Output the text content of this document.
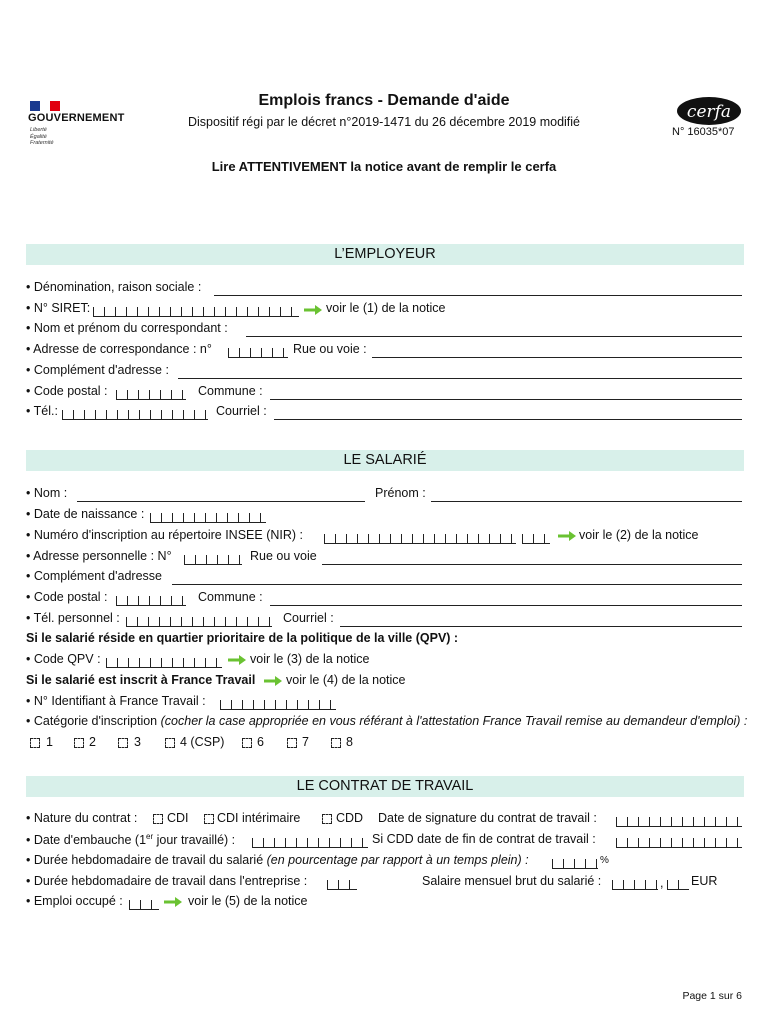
GOUVERNEMENT
Liberté
Égalité
Fraternité
Emplois francs - Demande d'aide
Dispositif régi par le décret n°2019-1471 du 26 décembre 2019 modifié	cerfa
N° 16035*07
Lire ATTENTIVEMENT la notice avant de remplir le cerfa
L’EMPLOYEUR
• Dénomination, raison sociale :
• N° SIRET:	voir le (1) de la notice
• Nom et prénom du correspondant :
• Adresse de correspondance : n°	Rue ou voie :
• Complément d'adresse :
• Code postal :	Commune :
• Tél.:	Courriel :
LE SALARIÉ
• Nom :	Prénom :
• Date de naissance :
• Numéro d'inscription au répertoire INSEE (NIR) :	voir le (2) de la notice
• Adresse personnelle : N°	Rue ou voie
• Complément d'adresse
• Code postal :	Commune :
• Tél. personnel :	Courriel :
Si le salarié réside en quartier prioritaire de la politique de la ville (QPV) :
• Code QPV :	voir le (3) de la notice
Si le salarié est inscrit à France Travail voir le (4) de la notice
• N° Identifiant à France Travail :
• Catégorie d'inscription (cocher la case appropriée en vous référant à l'attestation France Travail remise au demandeur d'emploi) :
1	2	3	4 (CSP)	6	7	8
LE CONTRAT DE TRAVAIL
• Nature du contrat : CDI CDI intérimaire	CDD Date de signature du contrat de travail :
• Date d'embauche (1er jour travaillé) :	Si CDD date de fin de contrat de travail :
• Durée hebdomadaire de travail du salarié (en pourcentage par rapport à un temps plein) :	%
• Durée hebdomadaire de travail dans l'entreprise :	Salaire mensuel brut du salarié :	, EUR
• Emploi occupé :	voir le (5) de la notice
Page 1 sur 6
